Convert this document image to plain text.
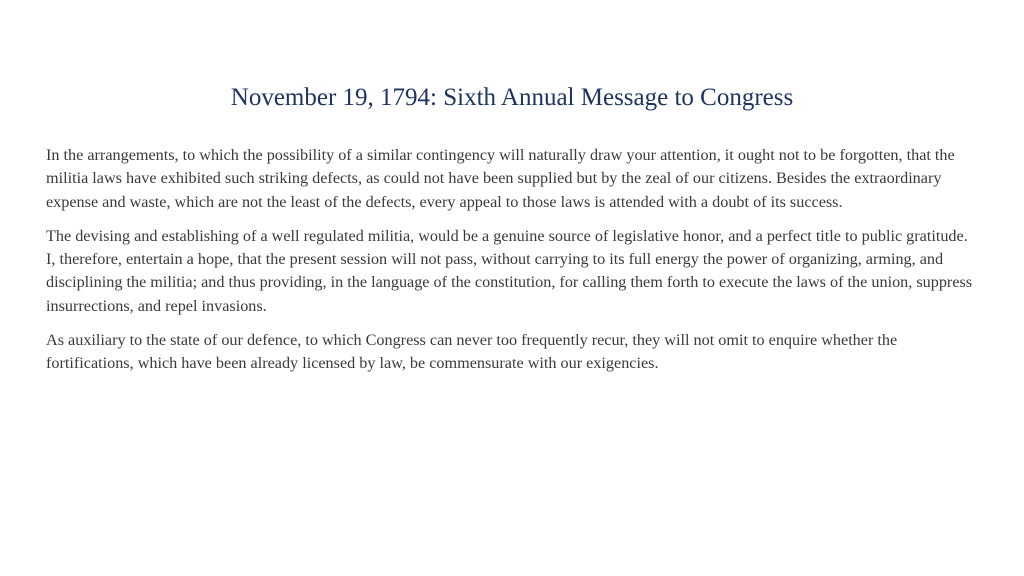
November 19, 1794: Sixth Annual Message to Congress

In the arrangements, to which the possibility of a similar contingency will naturally draw your attention, it ought not to be forgotten, that the militia laws have exhibited such striking defects, as could not have been supplied but by the zeal of our citizens. Besides the extraordinary expense and waste, which are not the least of the defects, every appeal to those laws is attended with a doubt of its success.

The devising and establishing of a well regulated militia, would be a genuine source of legislative honor, and a perfect title to public gratitude. I, therefore, entertain a hope, that the present session will not pass, without carrying to its full energy the power of organizing, arming, and disciplining the militia; and thus providing, in the language of the constitution, for calling them forth to execute the laws of the union, suppress insurrections, and repel invasions.

As auxiliary to the state of our defence, to which Congress can never too frequently recur, they will not omit to enquire whether the fortifications, which have been already licensed by law, be commensurate with our exigencies.
